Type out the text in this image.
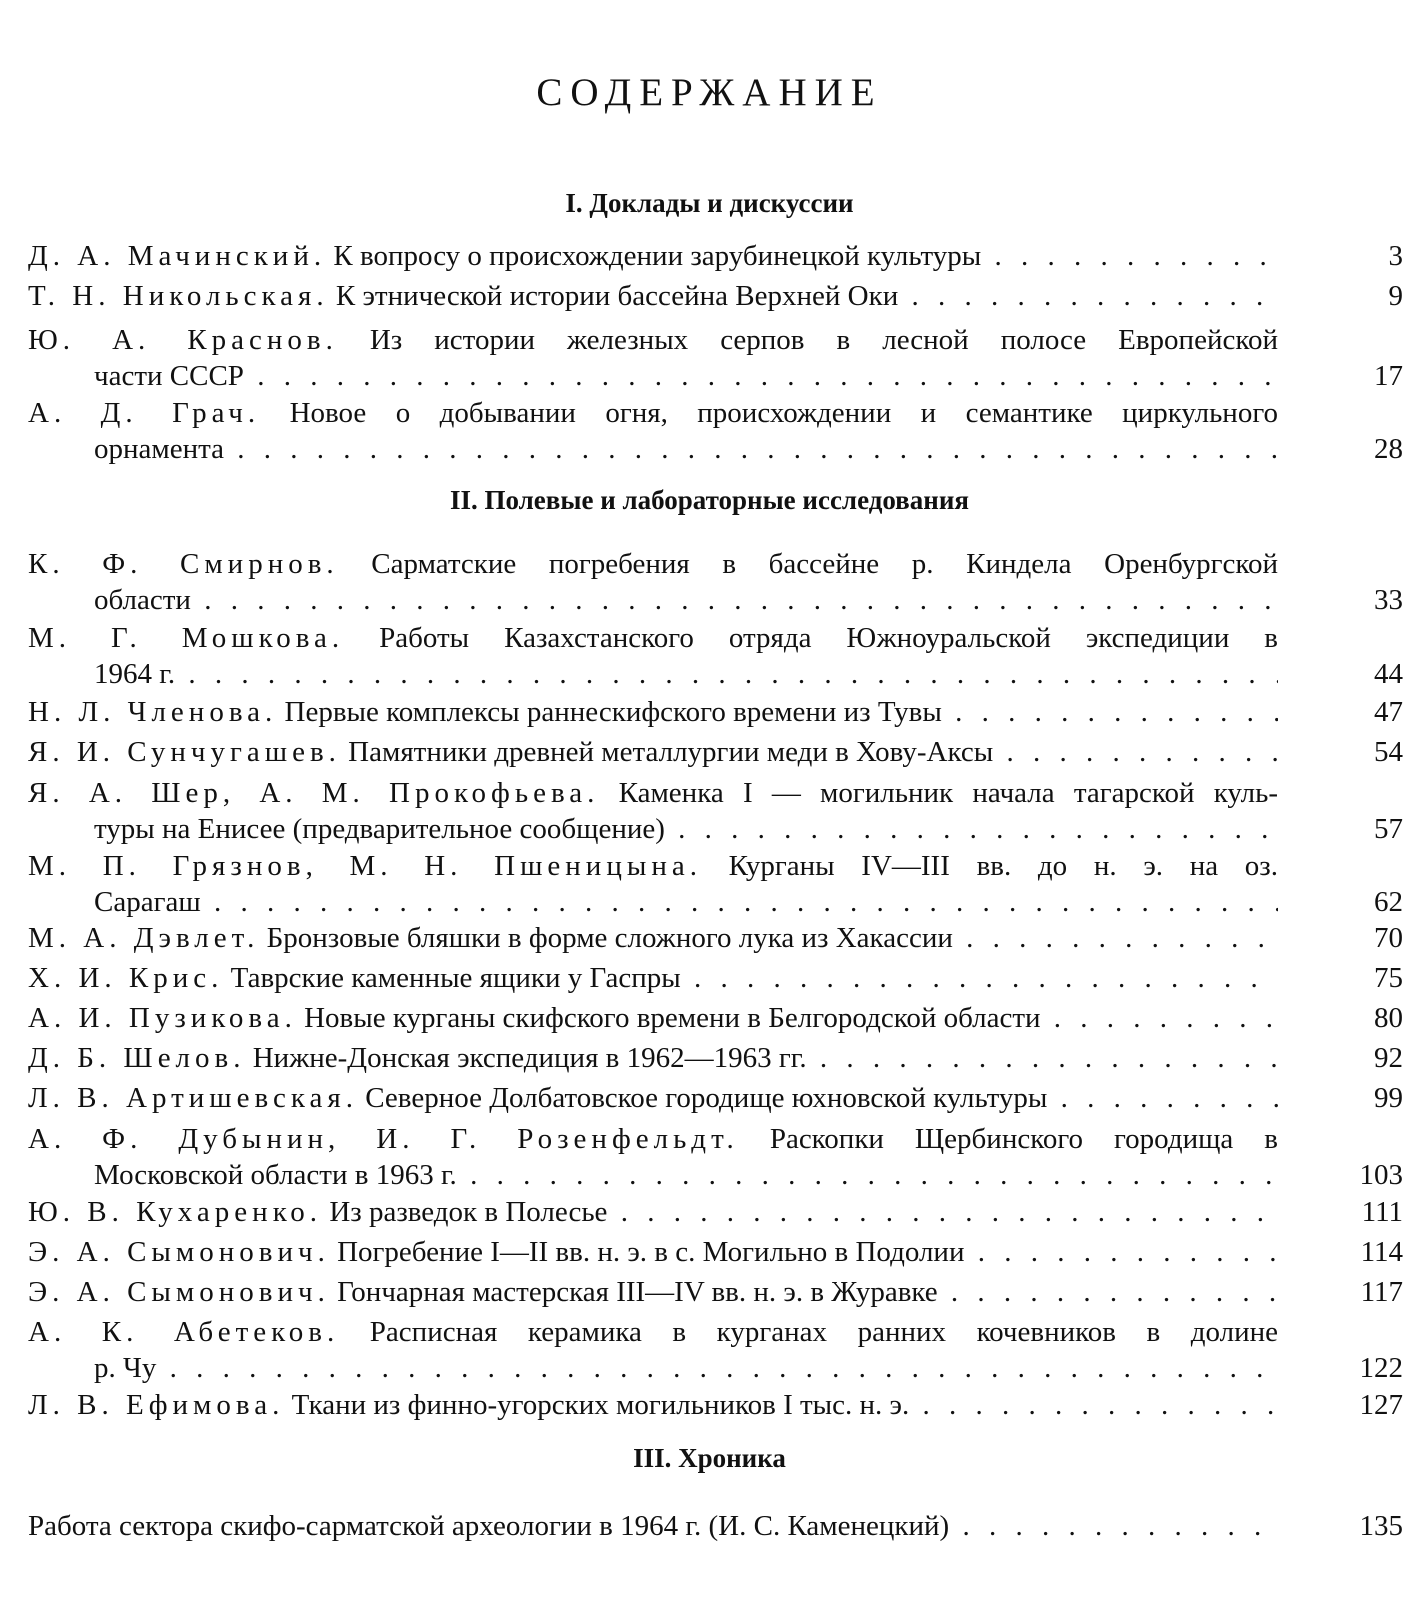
СОДЕРЖАНИЕ
I. Доклады и дискуссии
Д. А. Мачинский. К вопросу о происхождении зарубинецкой культуры . . .	3
Т. Н. Никольская. К этнической истории бассейна Верхней Оки . . .	9
Ю. А. Краснов. Из истории железных серпов в лесной полосе Европейской
части СССР . . .	17
А. Д. Грач. Новое о добывании огня, происхождении и семантике циркульного
орнамента . . .	28
II. Полевые и лабораторные исследования
К. Ф. Смирнов. Сарматские погребения в бассейне р. Киндела Оренбургской
области . . .	33
М. Г. Мошкова. Работы Казахстанского отряда Южноуральской экспедиции в
1964 г. . . .	44
Н. Л. Членова. Первые комплексы раннескифского времени из Тувы . . .	47
Я. И. Сунчугашев. Памятники древней металлургии меди в Хову-Аксы . . .	54
Я. А. Шер, А. М. Прокофьева. Каменка I — могильник начала тагарской куль-
туры на Енисее (предварительное сообщение) . . .	57
М. П. Грязнов, М. Н. Пшеницына. Курганы IV—III вв. до н. э. на оз.
Сарагаш . . .	62
М. А. Дэвлет. Бронзовые бляшки в форме сложного лука из Хакассии . . .	70
Х. И. Крис. Таврские каменные ящики у Гаспры . . .	75
А. И. Пузикова. Новые курганы скифского времени в Белгородской области . . .	80
Д. Б. Шелов. Нижне-Донская экспедиция в 1962—1963 гг. . . .	92
Л. В. Артишевская. Северное Долбатовское городище юхновской культуры . . .	99
А. Ф. Дубынин, И. Г. Розенфельдт. Раскопки Щербинского городища в
Московской области в 1963 г. . . .	103
Ю. В. Кухаренко. Из разведок в Полесье . . .	111
Э. А. Сымонович. Погребение I—II вв. н. э. в с. Могильно в Подолии . . .	114
Э. А. Сымонович. Гончарная мастерская III—IV вв. н. э. в Журавке . . .	117
А. К. Абетеков. Расписная керамика в курганах ранних кочевников в долине
р. Чу . . .	122
Л. В. Ефимова. Ткани из финно-угорских могильников I тыс. н. э. . . .	127
III. Хроника
Работа сектора скифо-сарматской археологии в 1964 г. (И. С. Каменецкий) . . .	135
